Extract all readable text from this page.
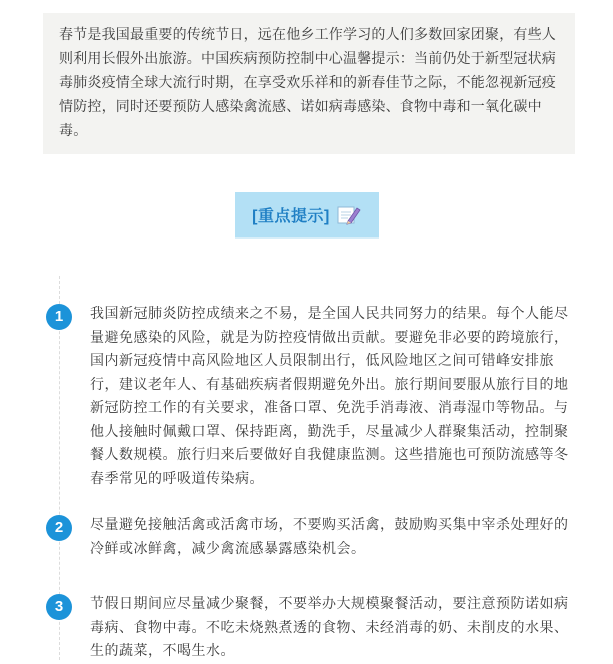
春节是我国最重要的传统节日，远在他乡工作学习的人们多数回家团聚，有些人则利用长假外出旅游。中国疾病预防控制中心温馨提示：当前仍处于新型冠状病毒肺炎疫情全球大流行时期，在享受欢乐祥和的新春佳节之际，不能忽视新冠疫情防控，同时还要预防人感染禽流感、诺如病毒感染、食物中毒和一氧化碳中毒。

[重点提示]
1	我国新冠肺炎防控成绩来之不易，是全国人民共同努力的结果。每个人能尽量避免感染的风险，就是为防控疫情做出贡献。要避免非必要的跨境旅行，国内新冠疫情中高风险地区人员限制出行，低风险地区之间可错峰安排旅行，建议老年人、有基础疾病者假期避免外出。旅行期间要服从旅行目的地新冠防控工作的有关要求，准备口罩、免洗手消毒液、消毒湿巾等物品。与他人接触时佩戴口罩、保持距离，勤洗手，尽量减少人群聚集活动，控制聚餐人数规模。旅行归来后要做好自我健康监测。这些措施也可预防流感等冬春季常见的呼吸道传染病。

2	尽量避免接触活禽或活禽市场，不要购买活禽，鼓励购买集中宰杀处理好的冷鲜或冰鲜禽，减少禽流感暴露感染机会。

3	节假日期间应尽量减少聚餐，不要举办大规模聚餐活动，要注意预防诺如病毒病、食物中毒。不吃未烧熟煮透的食物、未经消毒的奶、未削皮的水果、生的蔬菜，不喝生水。
